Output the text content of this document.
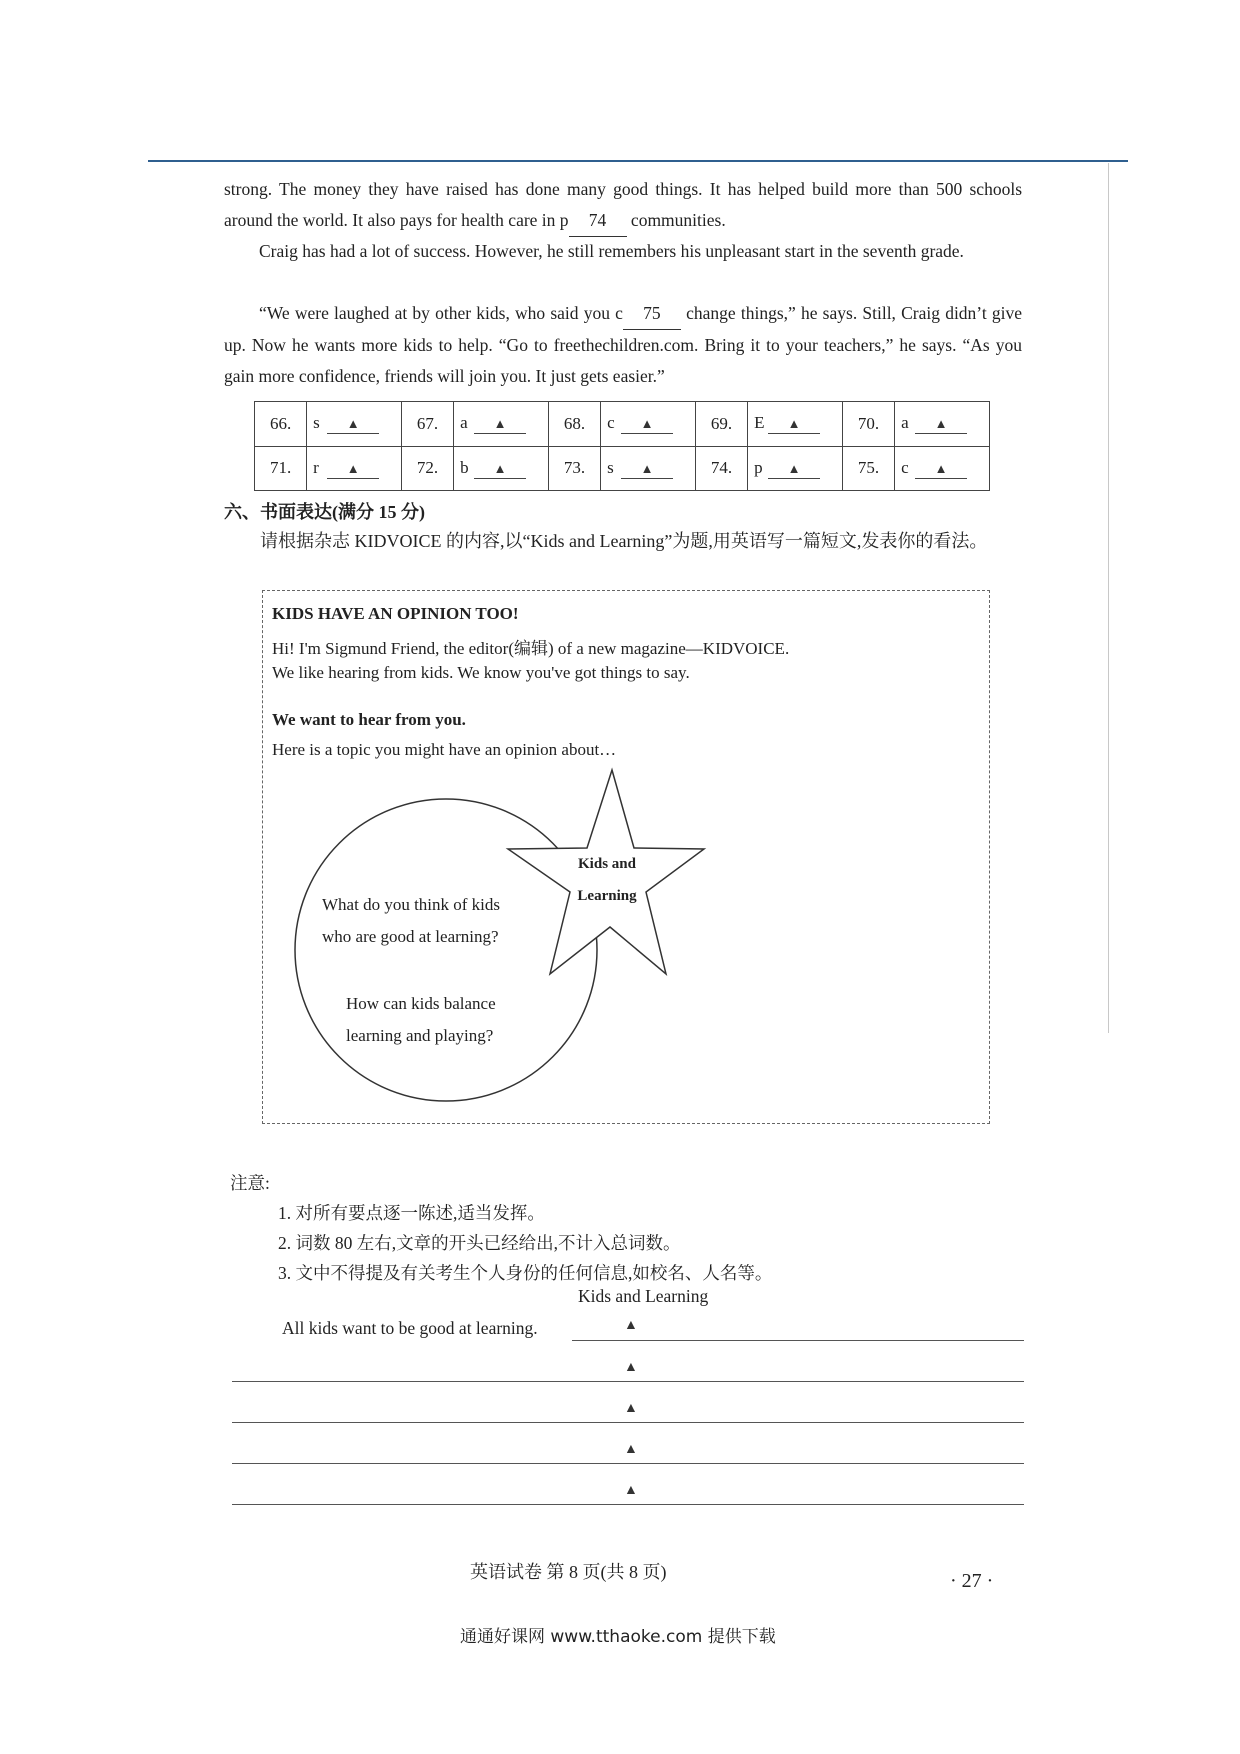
strong. The money they have raised has done many good things. It has helped build more than 500 schools around the world. It also pays for health care in p 74 communities.
Craig has had a lot of success. However, he still remembers his unpleasant start in the seventh grade.
“We were laughed at by other kids, who said you c 75 change things,” he says. Still, Craig didn’t give up. Now he wants more kids to help. “Go to freethechildren.com. Bring it to your teachers,” he says. “As you gain more confidence, friends will join you. It just gets easier.”
66.	s ▲	67.	a ▲	68.	c ▲	69.	E ▲	70.	a ▲
71.	r ▲	72.	b ▲	73.	s ▲	74.	p ▲	75.	c ▲
六、书面表达(满分 15 分)
请根据杂志 KIDVOICE 的内容,以“Kids and Learning”为题,用英语写一篇短文,发表你的看法。
KIDS HAVE AN OPINION TOO!
Hi! I'm Sigmund Friend, the editor(编辑) of a new magazine—KIDVOICE.
We like hearing from kids. We know you've got things to say.
We want to hear from you.
Here is a topic you might have an opinion about…
Kids and
Learning
What do you think of kids
who are good at learning?
How can kids balance
learning and playing?
注意:
1. 对所有要点逐一陈述,适当发挥。
2. 词数 80 左右,文章的开头已经给出,不计入总词数。
3. 文中不得提及有关考生个人身份的任何信息,如校名、人名等。
Kids and Learning
All kids want to be good at learning.	▲
▲
▲
▲
▲
英语试卷 第 8 页(共 8 页)	· 27 ·
通通好课网 www.tthaoke.com 提供下载
